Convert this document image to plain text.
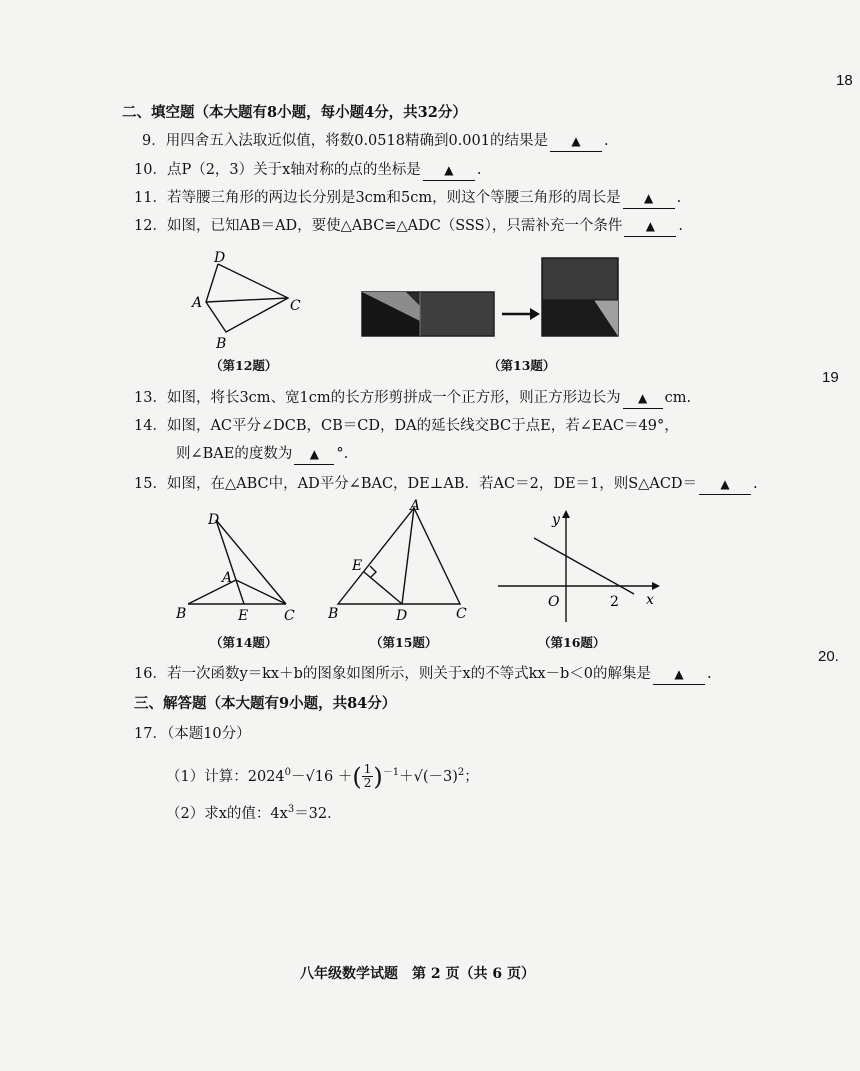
18
19
20.
二、填空题（本大题有8小题，每小题4分，共32分）
9．用四舍五入法取近似值，将数0.0518精确到0.001的结果是 ▲ .
10．点P（2，3）关于x轴对称的点的坐标是 ▲ .
11．若等腰三角形的两边长分别是3cm和5cm，则这个等腰三角形的周长是 ▲ .
12．如图，已知AB＝AD，要使△ABC≌△ADC（SSS），只需补充一个条件 ▲ .
D
A	C
B
（第12题）	（第13题）
13．如图，将长3cm、宽1cm的长方形剪拼成一个正方形，则正方形边长为 ▲ cm.
14．如图，AC平分∠DCB，CB＝CD，DA的延长线交BC于点E，若∠EAC＝49°，
则∠BAE的度数为 ▲ °.
15．如图，在△ABC中，AD平分∠BAC，DE⊥AB．若AC＝2，DE＝1，则S△ACD＝ ▲ .
D
A
B	E	C
（第14题）
A
E
B	D	C
（第15题）
y
x
O	2
（第16题）
16．若一次函数y＝kx＋b的图象如图所示，则关于x的不等式kx－b＜0的解集是 ▲ .
三、解答题（本大题有9小题，共84分）
17．（本题10分）
（1）计算：$2024^0-√16$ ＋( $\frac{1}{2} )^{-1}+√(-3)^2$；
（2）求x的值：$4x^3=32$．
八年级数学试题　第 2 页（共 6 页）
